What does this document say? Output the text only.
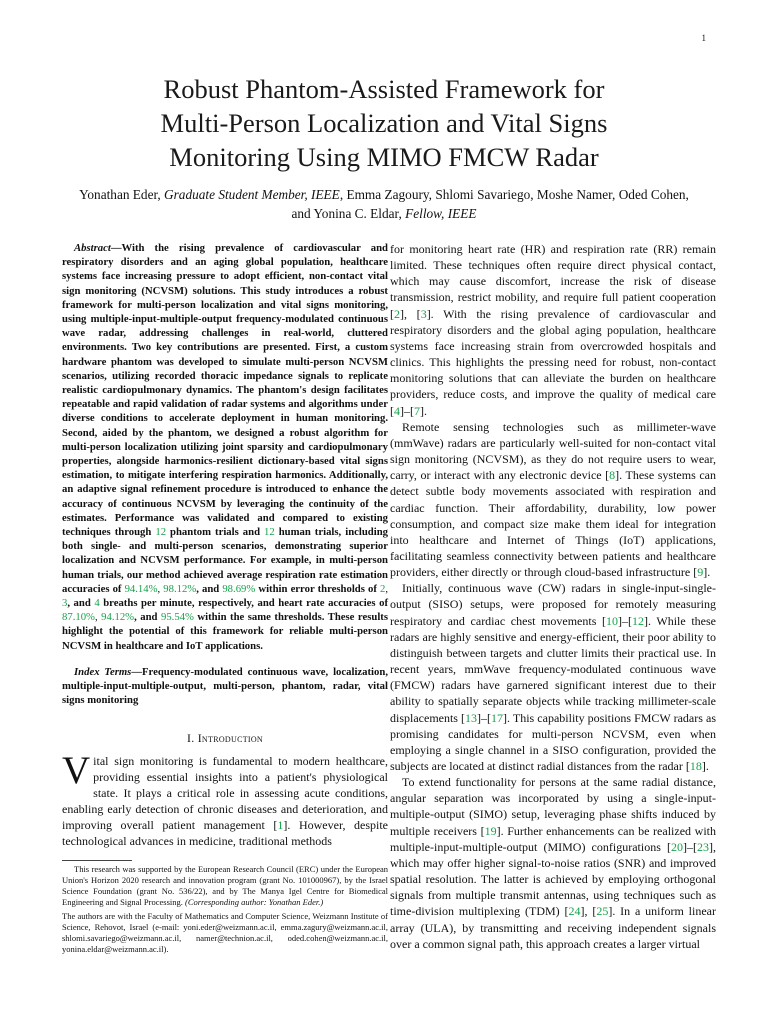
1
Robust Phantom-Assisted Framework for
Multi-Person Localization and Vital Signs
Monitoring Using MIMO FMCW Radar
Yonathan Eder, Graduate Student Member, IEEE, Emma Zagoury, Shlomi Savariego, Moshe Namer, Oded Cohen,
and Yonina C. Eldar, Fellow, IEEE

Abstract—With the rising prevalence of cardiovascular and respiratory disorders and an aging global population, healthcare systems face increasing pressure to adopt efficient, non-contact vital sign monitoring (NCVSM) solutions. This study introduces a robust framework for multi-person localization and vital signs monitoring, using multiple-input-multiple-output frequency-modulated continuous wave radar, addressing challenges in real-world, cluttered environments. Two key contributions are presented. First, a custom hardware phantom was developed to simulate multi-person NCVSM scenarios, utilizing recorded thoracic impedance signals to replicate realistic cardiopulmonary dynamics. The phantom's design facilitates repeatable and rapid validation of radar systems and algorithms under diverse conditions to accelerate deployment in human monitoring. Second, aided by the phantom, we designed a robust algorithm for multi-person localization utilizing joint sparsity and cardiopulmonary properties, alongside harmonics-resilient dictionary-based vital signs estimation, to mitigate interfering respiration harmonics. Additionally, an adaptive signal refinement procedure is introduced to enhance the accuracy of continuous NCVSM by leveraging the continuity of the estimates. Performance was validated and compared to existing techniques through 12 phantom trials and 12 human trials, including both single- and multi-person scenarios, demonstrating superior localization and NCVSM performance. For example, in multi-person human trials, our method achieved average respiration rate estimation accuracies of 94.14%, 98.12%, and 98.69% within error thresholds of 2, 3, and 4 breaths per minute, respectively, and heart rate accuracies of 87.10%, 94.12%, and 95.54% within the same thresholds. These results highlight the potential of this framework for reliable multi-person NCVSM in healthcare and IoT applications.

Index Terms—Frequency-modulated continuous wave, localization, multiple-input-multiple-output, multi-person, phantom, radar, vital signs monitoring
I. Introduction
Vital sign monitoring is fundamental to modern healthcare, providing essential insights into a patient's physiological state. It plays a critical role in assessing acute conditions, enabling early detection of chronic diseases and deterioration, and improving overall patient management [1]. However, despite technological advances in medicine, traditional methods
This research was supported by the European Research Council (ERC) under the European Union's Horizon 2020 research and innovation program (grant No. 101000967), by the Israel Science Foundation (grant No. 536/22), and by The Manya Igel Centre for Biomedical Engineering and Signal Processing. (Corresponding author: Yonathan Eder.)
The authors are with the Faculty of Mathematics and Computer Science, Weizmann Institute of Science, Rehovot, Israel (e-mail: yoni.eder@weizmann.ac.il, emma.zagury@weizmann.ac.il, shlomi.savariego@weizmann.ac.il, namer@technion.ac.il, oded.cohen@weizmann.ac.il, yonina.eldar@weizmann.ac.il).

for monitoring heart rate (HR) and respiration rate (RR) remain limited. These techniques often require direct physical contact, which may cause discomfort, increase the risk of disease transmission, restrict mobility, and require full patient cooperation [2], [3]. With the rising prevalence of cardiovascular and respiratory disorders and the global aging population, healthcare systems face increasing strain from overcrowded hospitals and clinics. This highlights the pressing need for robust, non-contact monitoring solutions that can alleviate the burden on healthcare providers, reduce costs, and improve the quality of medical care [4]–[7].

Remote sensing technologies such as millimeter-wave (mmWave) radars are particularly well-suited for non-contact vital sign monitoring (NCVSM), as they do not require users to wear, carry, or interact with any electronic device [8]. These systems can detect subtle body movements associated with respiration and cardiac function. Their affordability, durability, low power consumption, and compact size make them ideal for integration into healthcare and Internet of Things (IoT) applications, facilitating seamless connectivity between patients and healthcare providers, either directly or through cloud-based infrastructure [9].

Initially, continuous wave (CW) radars in single-input-single-output (SISO) setups, were proposed for remotely measuring respiratory and cardiac chest movements [10]–[12]. While these radars are highly sensitive and energy-efficient, their poor ability to distinguish between targets and clutter limits their practical use. In recent years, mmWave frequency-modulated continuous wave (FMCW) radars have garnered significant interest due to their ability to spatially separate objects while tracking millimeter-scale displacements [13]–[17]. This capability positions FMCW radars as promising candidates for multi-person NCVSM, even when employing a single channel in a SISO configuration, provided the subjects are located at distinct radial distances from the radar [18].

To extend functionality for persons at the same radial distance, angular separation was incorporated by using a single-input-multiple-output (SIMO) setup, leveraging phase shifts induced by multiple receivers [19]. Further enhancements can be realized with multiple-input-multiple-output (MIMO) configurations [20]–[23], which may offer higher signal-to-noise ratios (SNR) and improved spatial resolution. The latter is achieved by employing orthogonal signals from multiple transmit antennas, using techniques such as time-division multiplexing (TDM) [24], [25]. In a uniform linear array (ULA), by transmitting and receiving independent signals over a common signal path, this approach creates a larger virtual
